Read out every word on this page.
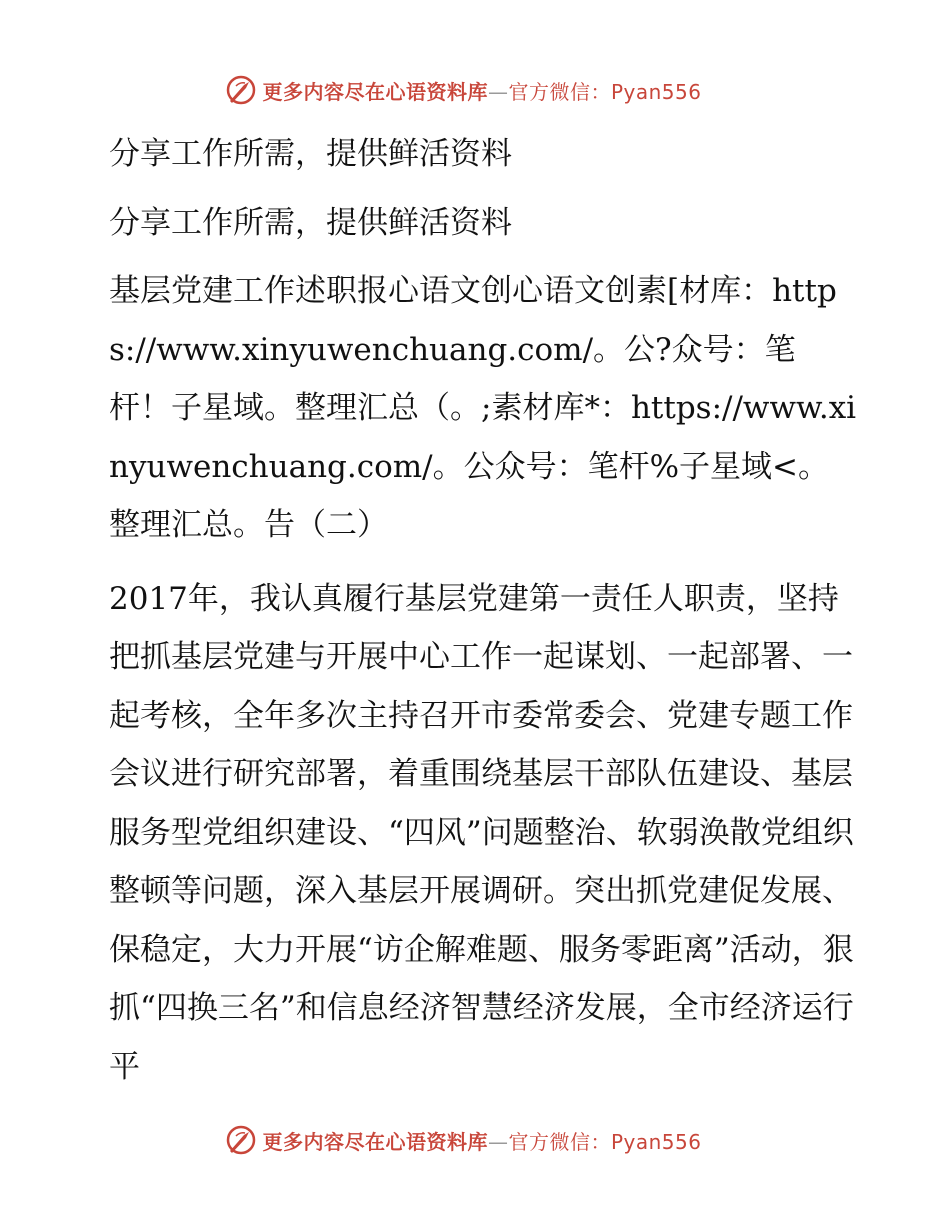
更多内容尽在心语资料库—官方微信：Pyan556

分享工作所需，提供鲜活资料

分享工作所需，提供鲜活资料

基层党建工作述职报心语文创心语文创素[材库：https://www.xinyuwenchuang.com/。公?众号：笔杆！子星域。整理汇总（。;素材库*：https://www.xinyuwenchuang.com/。公众号：笔杆%子星域<。整理汇总。告（二）

2017年，我认真履行基层党建第一责任人职责，坚持把抓基层党建与开展中心工作一起谋划、一起部署、一起考核，全年多次主持召开市委常委会、党建专题工作会议进行研究部署，着重围绕基层干部队伍建设、基层服务型党组织建设、“四风”问题整治、软弱涣散党组织整顿等问题，深入基层开展调研。突出抓党建促发展、保稳定，大力开展“访企解难题、服务零距离”活动，狠抓“四换三名”和信息经济智慧经济发展，全市经济运行平

更多内容尽在心语资料库—官方微信：Pyan556
